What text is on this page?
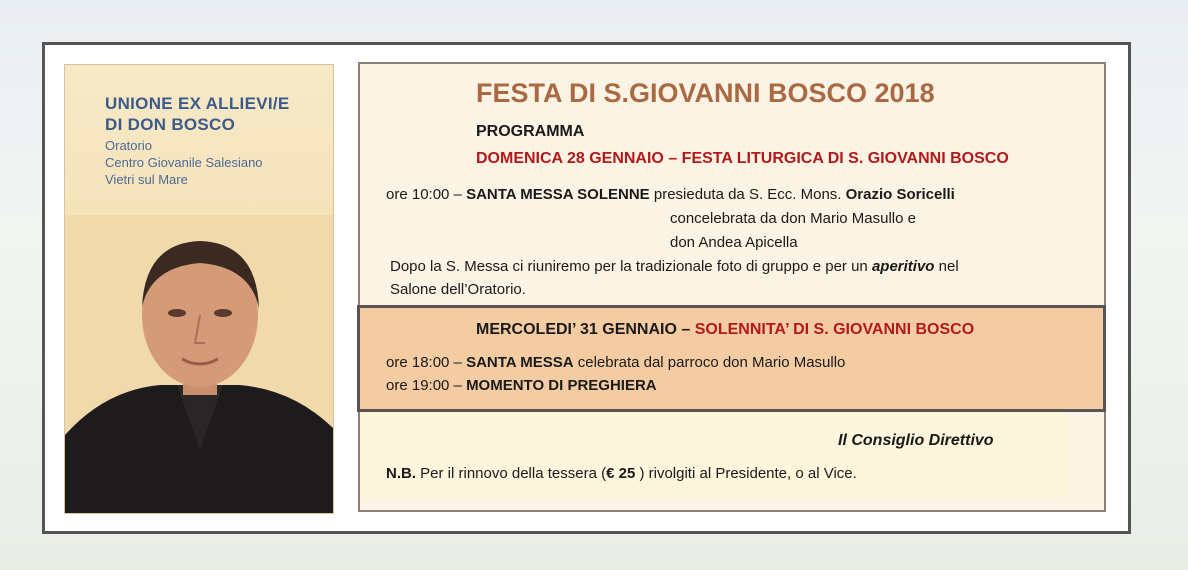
UNIONE EX ALLIEVI/E
DI DON BOSCO

Oratorio
Centro Giovanile Salesiano
Vietri sul Mare

FESTA DI S.GIOVANNI BOSCO 2018

PROGRAMMA

DOMENICA 28 GENNAIO – FESTA LITURGICA DI S. GIOVANNI BOSCO

ore 10:00 – SANTA MESSA SOLENNE presieduta da S. Ecc. Mons. Orazio Soricelli

concelebrata da don Mario Masullo e

don Andea Apicella

Dopo la S. Messa ci riuniremo per la tradizionale foto di gruppo e per un aperitivo nel

Salone dell’Oratorio.

MERCOLEDI’ 31 GENNAIO – SOLENNITA’ DI S. GIOVANNI BOSCO

ore 18:00 – SANTA MESSA celebrata dal parroco don Mario Masullo

ore 19:00 – MOMENTO DI PREGHIERA

Il Consiglio Direttivo

N.B. Per il rinnovo della tessera (€ 25 ) rivolgiti al Presidente, o al Vice.
